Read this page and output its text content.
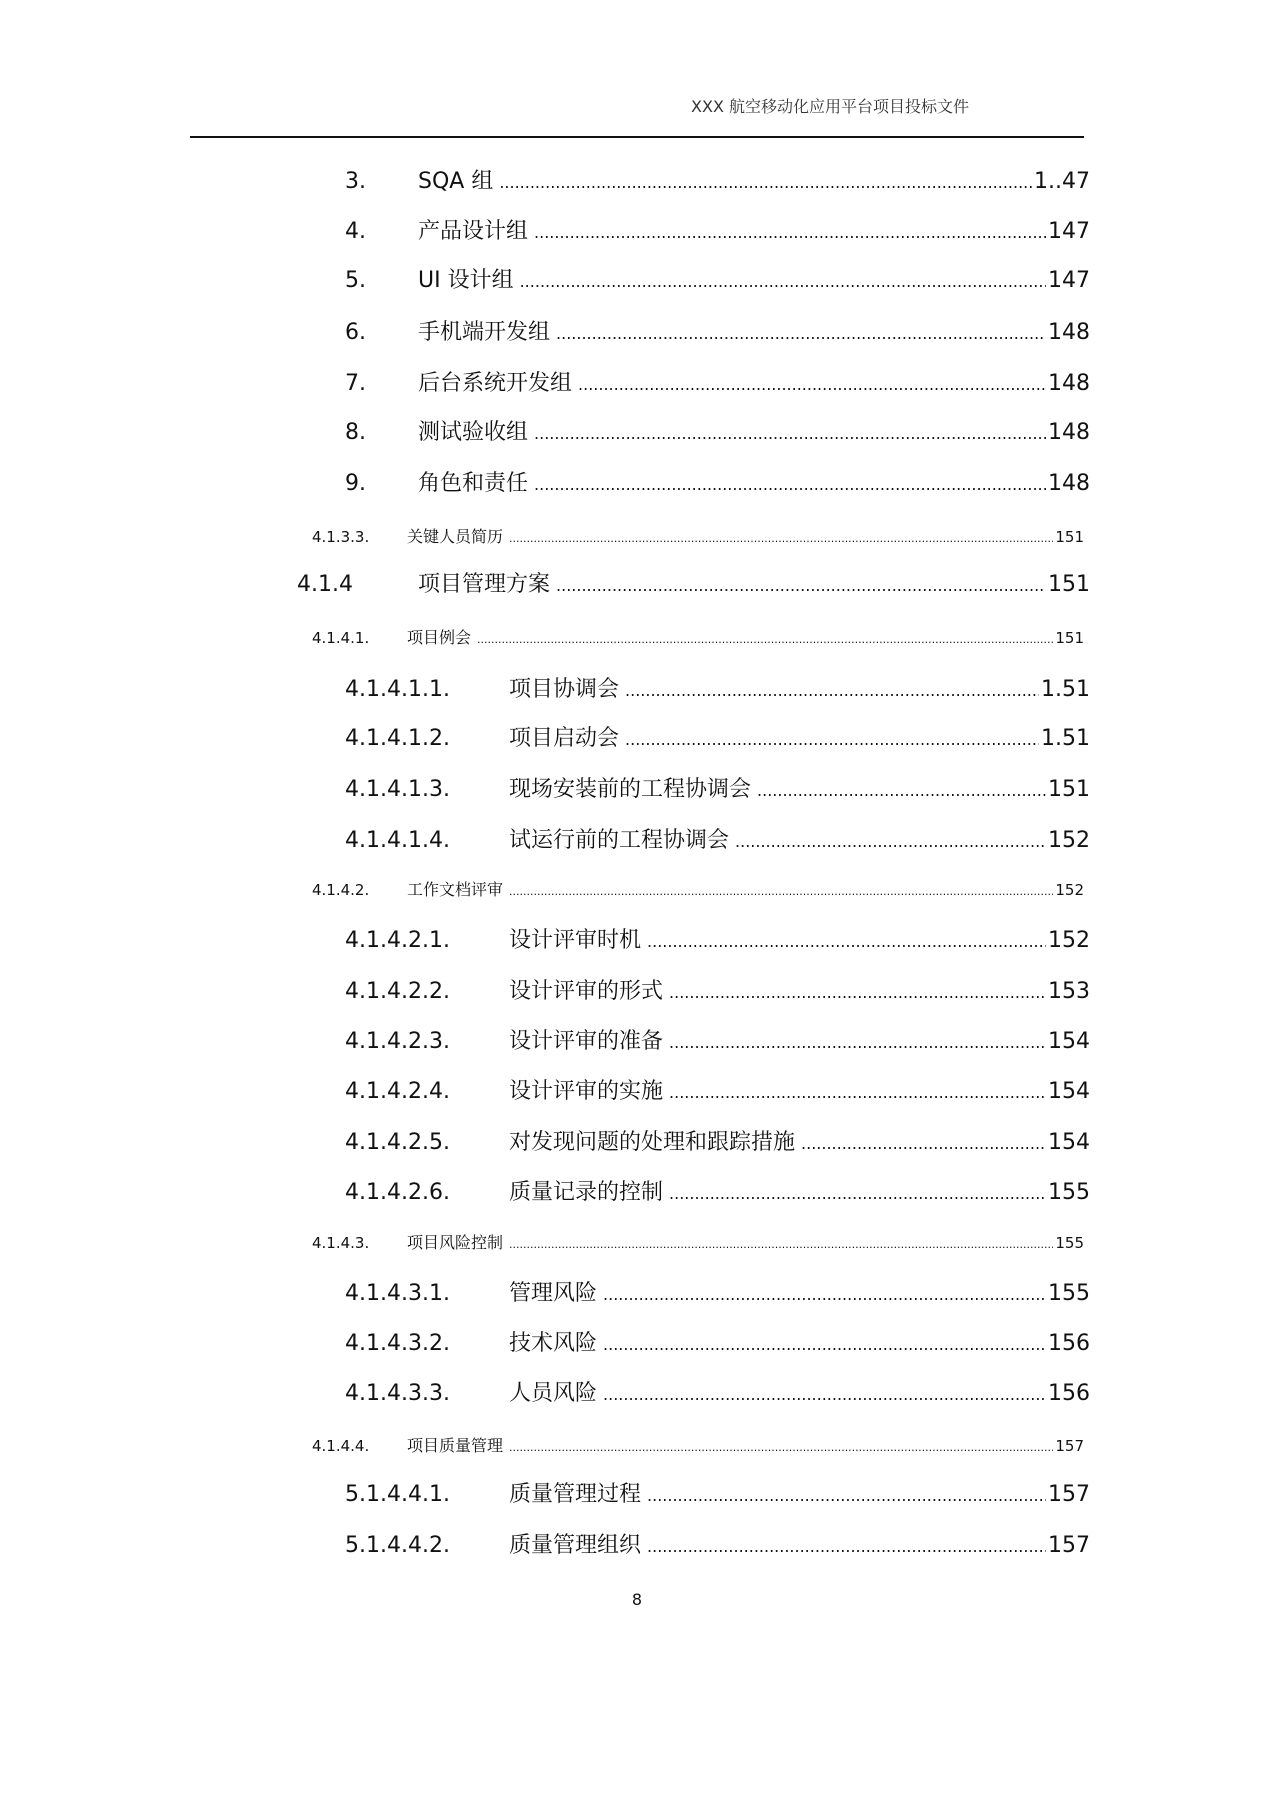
XXX 航空移动化应用平台项目投标文件
3.	SQA 组 .....	1..47
4.	产品设计组 .....	147
5.	UI 设计组 .....	147
6.	手机端开发组 .....	148
7.	后台系统开发组 .....	148
8.	测试验收组 .....	148
9.	角色和责任 .....	148
4.1.3.3.	关键人员简历 .....	151
4.1.4	项目管理方案 .....	151
4.1.4.1.	项目例会 .....	151
4.1.4.1.1.	项目协调会 .....	1.51
4.1.4.1.2.	项目启动会 .....	1.51
4.1.4.1.3.	现场安装前的工程协调会 .....	151
4.1.4.1.4.	试运行前的工程协调会 .....	152
4.1.4.2.	工作文档评审 .....	152
4.1.4.2.1.	设计评审时机 .....	152
4.1.4.2.2.	设计评审的形式 .....	153
4.1.4.2.3.	设计评审的准备 .....	154
4.1.4.2.4.	设计评审的实施 .....	154
4.1.4.2.5.	对发现问题的处理和跟踪措施 .....	154
4.1.4.2.6.	质量记录的控制 .....	155
4.1.4.3.	项目风险控制 .....	155
4.1.4.3.1.	管理风险 .....	155
4.1.4.3.2.	技术风险 .....	156
4.1.4.3.3.	人员风险 .....	156
4.1.4.4.	项目质量管理 .....	157
5.1.4.4.1.	质量管理过程 .....	157
5.1.4.4.2.	质量管理组织 .....	157
8
